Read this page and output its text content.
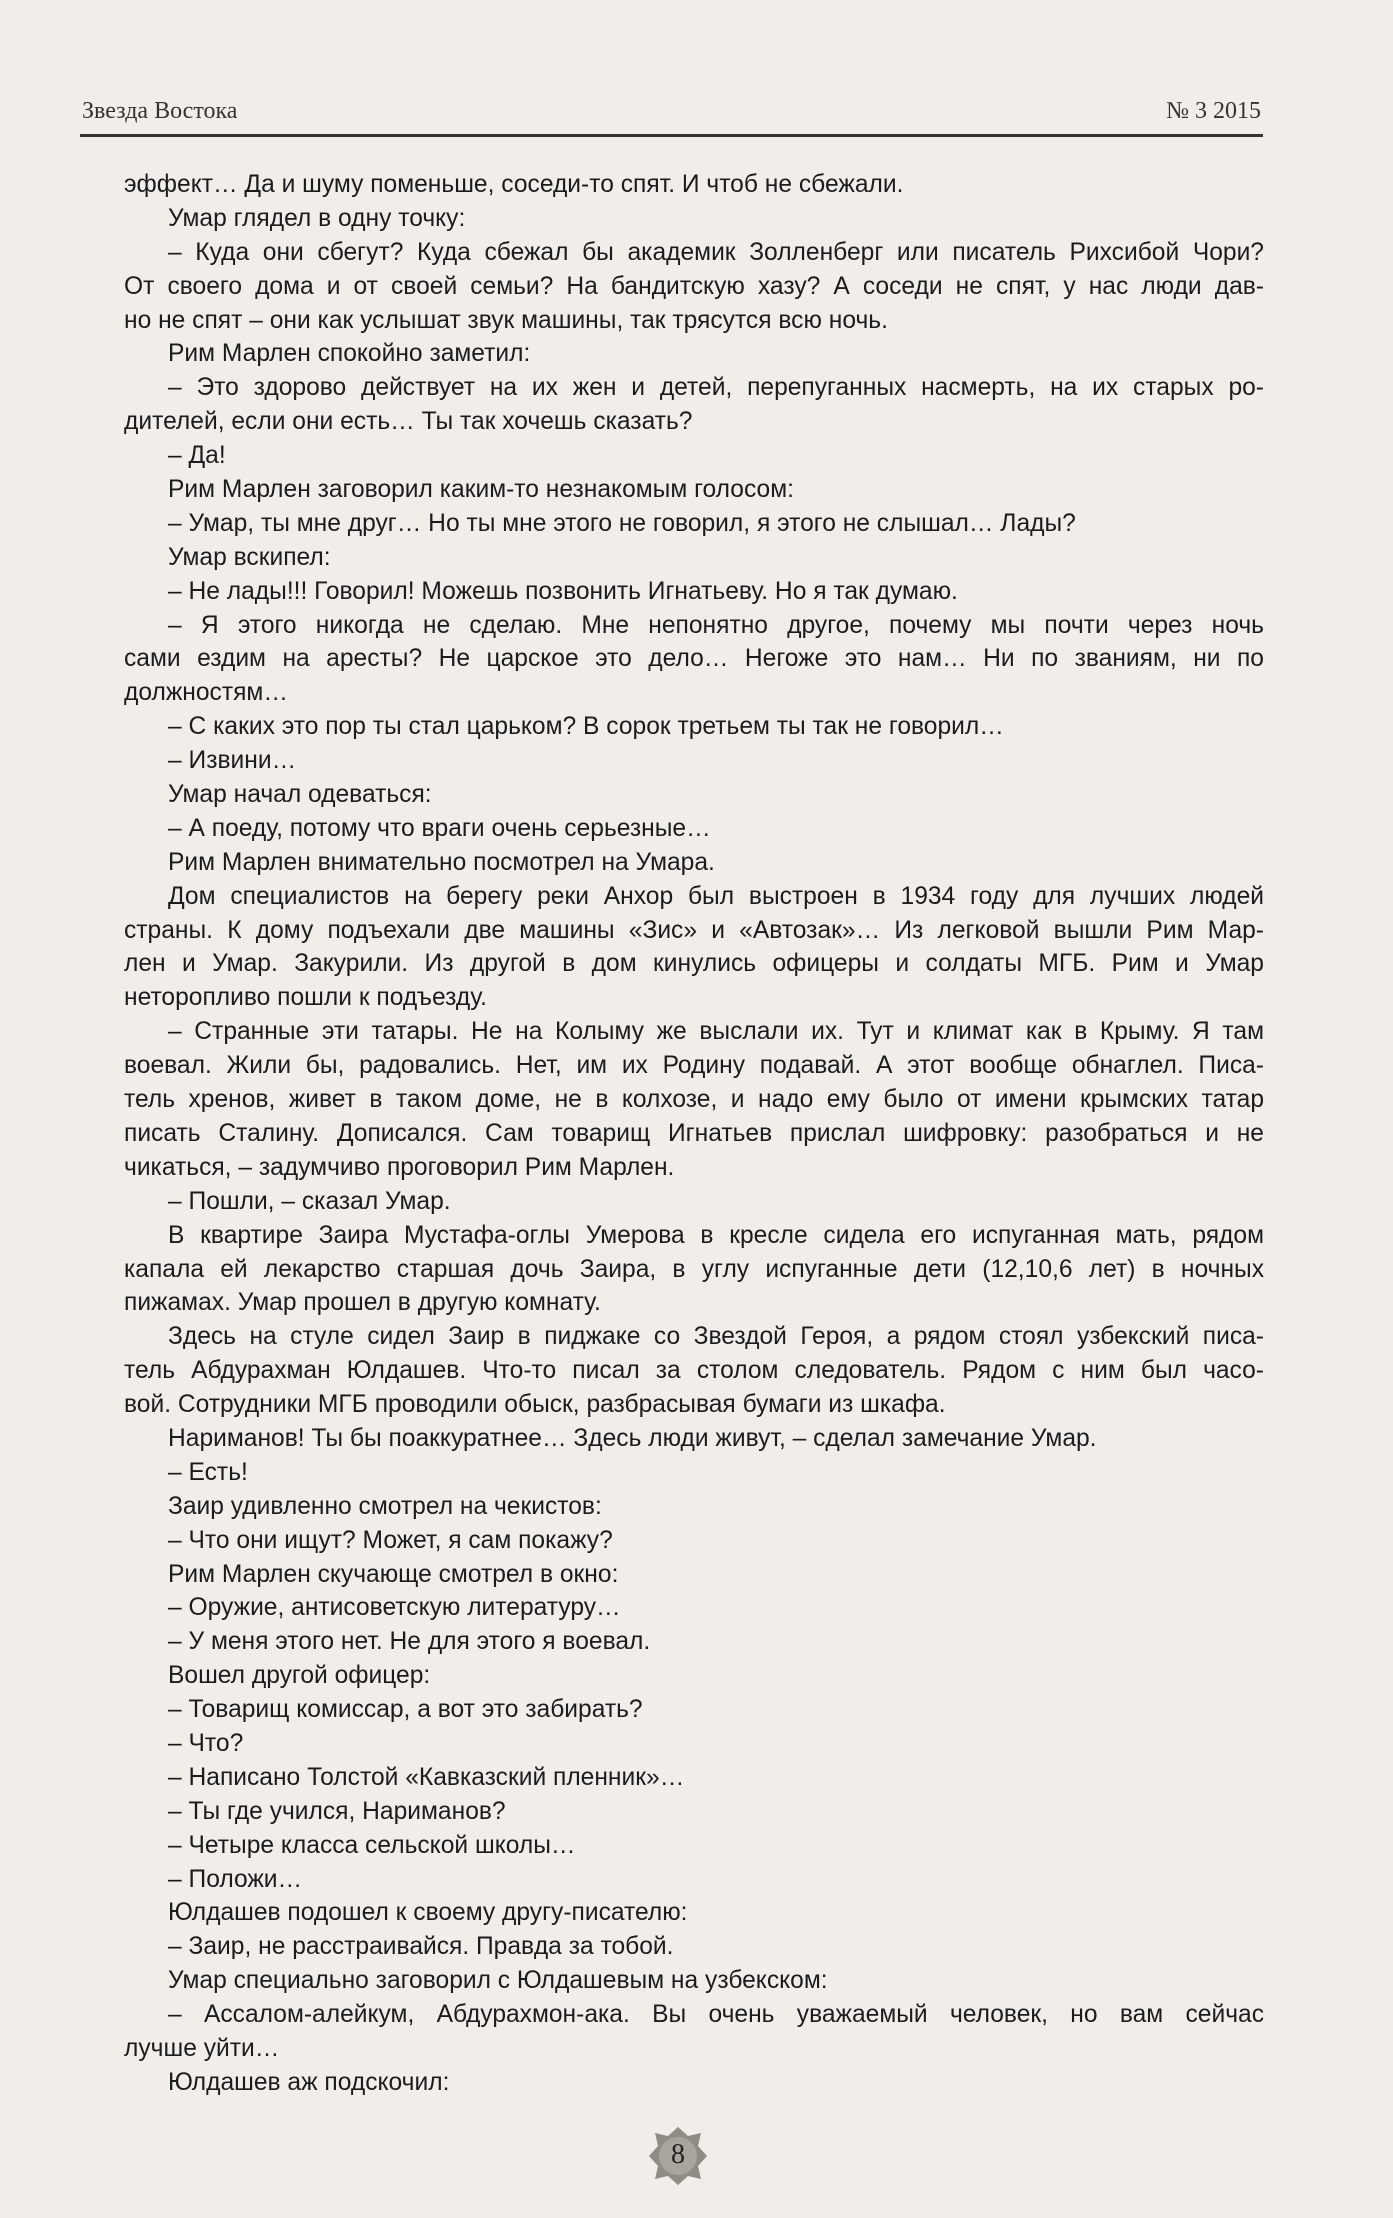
Звезда Востока	№ 3 2015
эффект… Да и шуму поменьше, соседи-то спят. И чтоб не сбежали.
Умар глядел в одну точку:
– Куда они сбегут? Куда сбежал бы академик Золленберг или писатель Рихсибой Чори?
От своего дома и от своей семьи? На бандитскую хазу? А соседи не спят, у нас люди дав-
но не спят – они как услышат звук машины, так трясутся всю ночь.
Рим Марлен спокойно заметил:
– Это здорово действует на их жен и детей, перепуганных насмерть, на их старых ро-
дителей, если они есть… Ты так хочешь сказать?
– Да!
Рим Марлен заговорил каким-то незнакомым голосом:
– Умар, ты мне друг… Но ты мне этого не говорил, я этого не слышал… Лады?
Умар вскипел:
– Не лады!!! Говорил! Можешь позвонить Игнатьеву. Но я так думаю.
– Я этого никогда не сделаю. Мне непонятно другое, почему мы почти через ночь
сами ездим на аресты? Не царское это дело… Негоже это нам… Ни по званиям, ни по
должностям…
– С каких это пор ты стал царьком? В сорок третьем ты так не говорил…
– Извини…
Умар начал одеваться:
– А поеду, потому что враги очень серьезные…
Рим Марлен внимательно посмотрел на Умара.
Дом специалистов на берегу реки Анхор был выстроен в 1934 году для лучших людей
страны. К дому подъехали две машины «Зис» и «Автозак»… Из легковой вышли Рим Мар-
лен и Умар. Закурили. Из другой в дом кинулись офицеры и солдаты МГБ. Рим и Умар
неторопливо пошли к подъезду.
– Странные эти татары. Не на Колыму же выслали их. Тут и климат как в Крыму. Я там
воевал. Жили бы, радовались. Нет, им их Родину подавай. А этот вообще обнаглел. Писа-
тель хренов, живет в таком доме, не в колхозе, и надо ему было от имени крымских татар
писать Сталину. Дописался. Сам товарищ Игнатьев прислал шифровку: разобраться и не
чикаться, – задумчиво проговорил Рим Марлен.
– Пошли, – сказал Умар.
В квартире Заира Мустафа-оглы Умерова в кресле сидела его испуганная мать, рядом
капала ей лекарство старшая дочь Заира, в углу испуганные дети (12,10,6 лет) в ночных
пижамах. Умар прошел в другую комнату.
Здесь на стуле сидел Заир в пиджаке со Звездой Героя, а рядом стоял узбекский писа-
тель Абдурахман Юлдашев. Что-то писал за столом следователь. Рядом с ним был часо-
вой. Сотрудники МГБ проводили обыск, разбрасывая бумаги из шкафа.
Нариманов! Ты бы поаккуратнее… Здесь люди живут, – сделал замечание Умар.
– Есть!
Заир удивленно смотрел на чекистов:
– Что они ищут? Может, я сам покажу?
Рим Марлен скучающе смотрел в окно:
– Оружие, антисоветскую литературу…
– У меня этого нет. Не для этого я воевал.
Вошел другой офицер:
– Товарищ комиссар, а вот это забирать?
– Что?
– Написано Толстой «Кавказский пленник»…
– Ты где учился, Нариманов?
– Четыре класса сельской школы…
– Положи…
Юлдашев подошел к своему другу-писателю:
– Заир, не расстраивайся. Правда за тобой.
Умар специально заговорил с Юлдашевым на узбекском:
– Ассалом-алейкум, Абдурахмон-ака. Вы очень уважаемый человек, но вам сейчас
лучше уйти…
Юлдашев аж подскочил:
8
